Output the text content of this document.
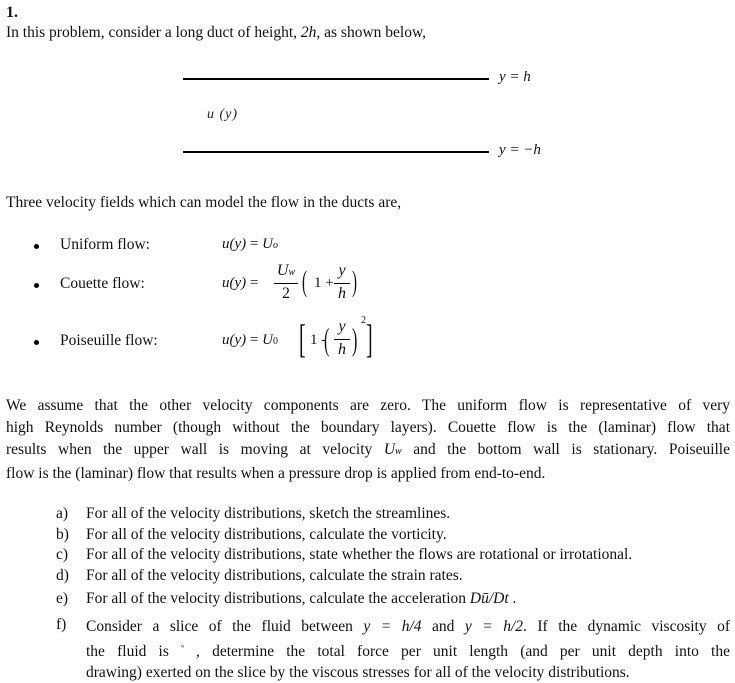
1.
In this problem, consider a long duct of height, 2h, as shown below,
y = h
u (y)
y = −h
Three velocity fields which can model the flow in the ducts are,
Uniform flow:	u(y) = Uo
Couette flow:	u(y) =
Uw
2 ( 1 +
y
h )
Poiseuille flow:	u(y) = U0 [ 1 -
( y
h )
2 ]
We assume that the other velocity components are zero. The uniform flow is representative of very
high Reynolds number (though without the boundary layers). Couette flow is the (laminar) flow that
results when the upper wall is moving at velocity Uw and the bottom wall is stationary. Poiseuille
flow is the (laminar) flow that results when a pressure drop is applied from end-to-end.
a) For all of the velocity distributions, sketch the streamlines.
b) For all of the velocity distributions, calculate the vorticity.
c) For all of the velocity distributions, state whether the flows are rotational or irrotational.
d) For all of the velocity distributions, calculate the strain rates.
e) For all of the velocity distributions, calculate the acceleration Dū/Dt .
f) Consider a slice of the fluid between y = h/4 and y = h/2. If the dynamic viscosity of
the fluid is $^ᵅ$ , determine the total force per unit length (and per unit depth into the
drawing) exerted on the slice by the viscous stresses for all of the velocity distributions.
